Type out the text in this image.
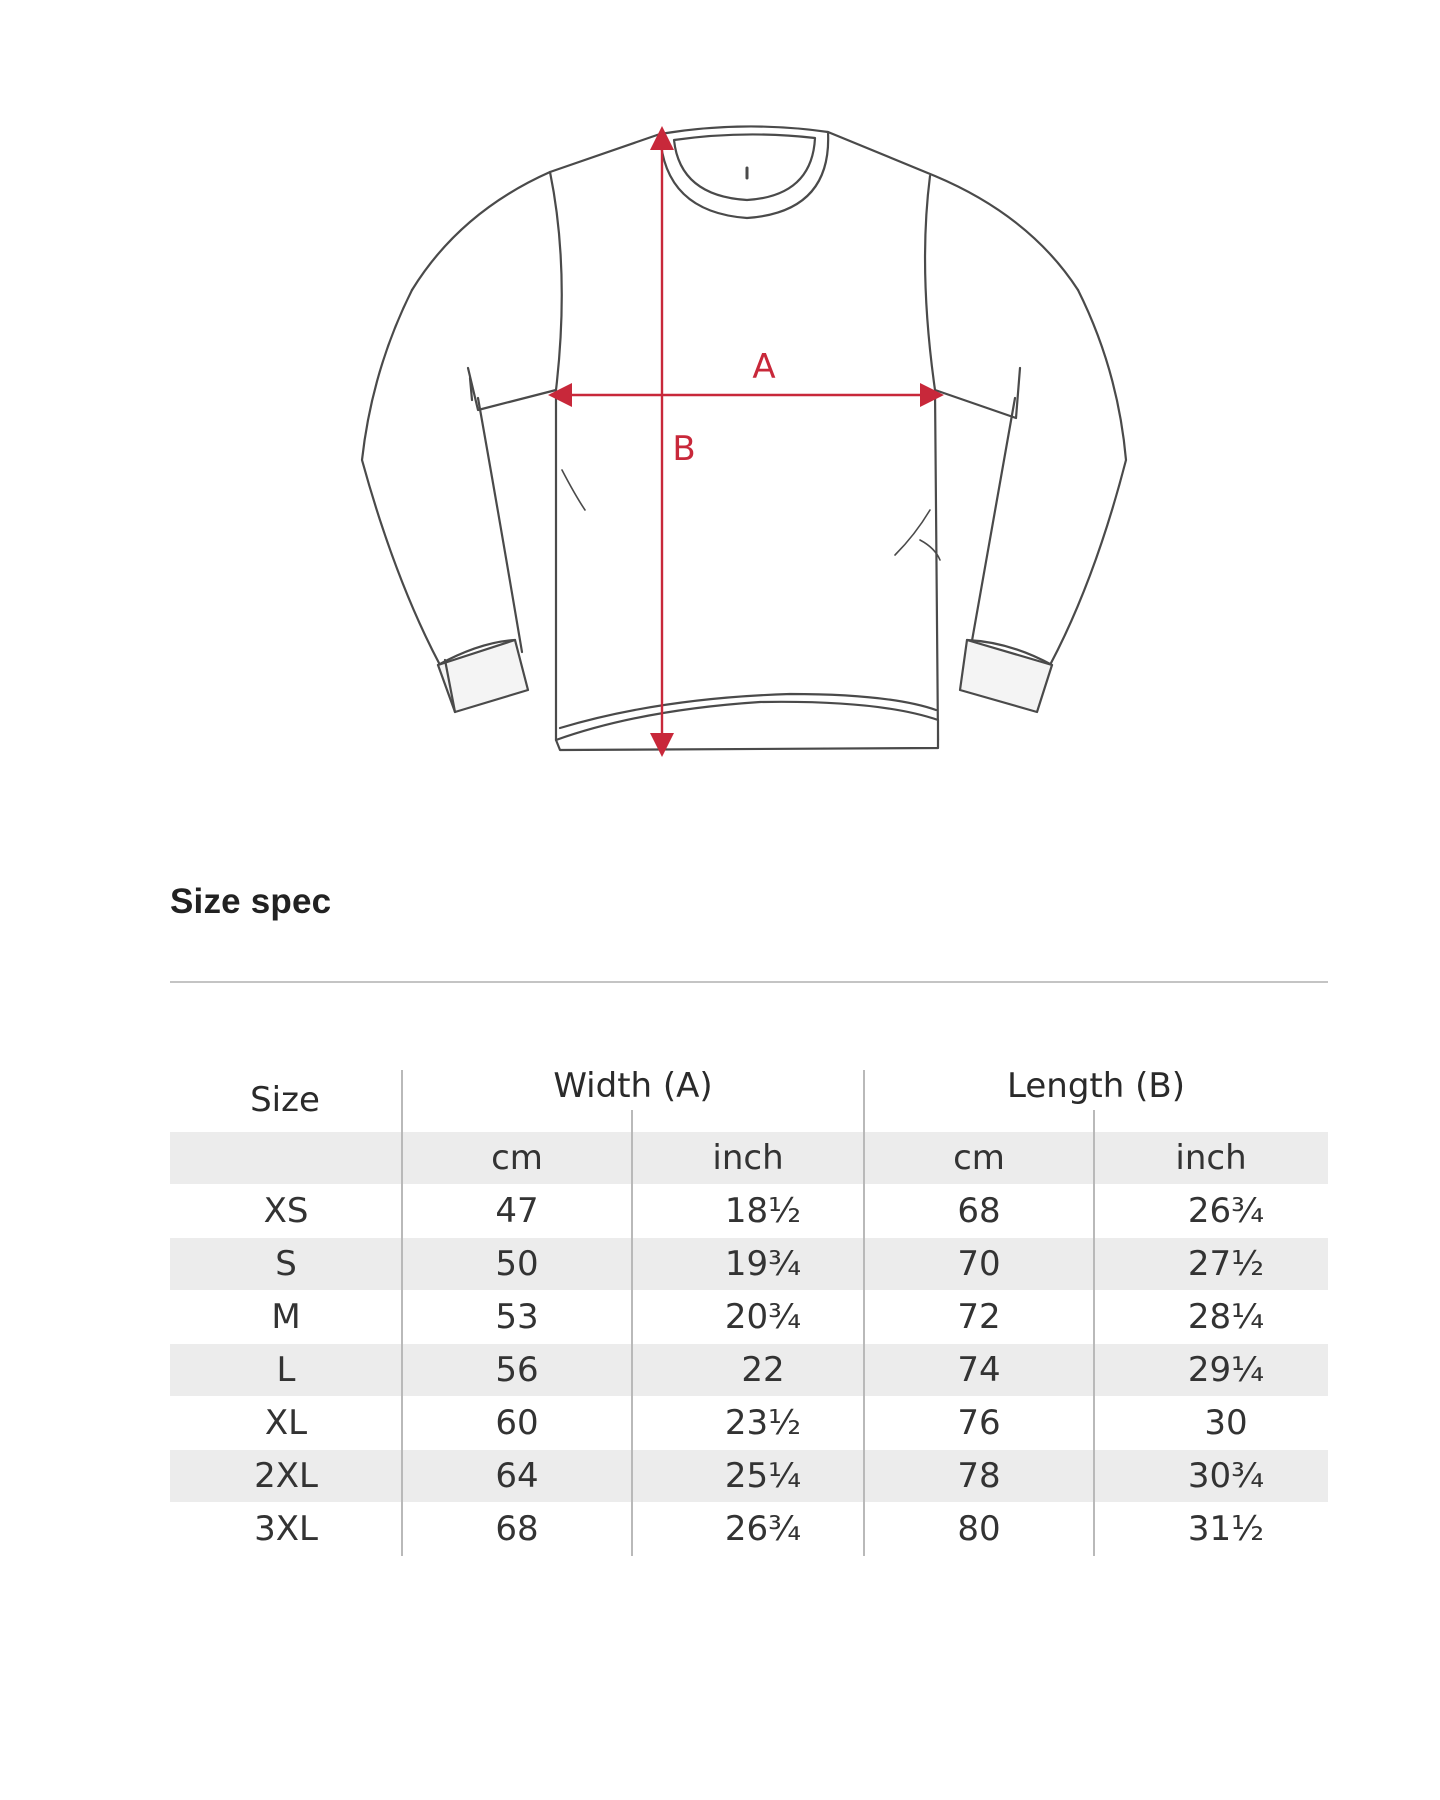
A
B
Size spec
Size	Width (A)	Length (B)
cm	inch	cm	inch
XS	47	18½	68	26¾
S	50	19¾	70	27½
M	53	20¾	72	28¼
L	56	22	74	29¼
XL	60	23½	76	30
2XL	64	25¼	78	30¾
3XL	68	26¾	80	31½
